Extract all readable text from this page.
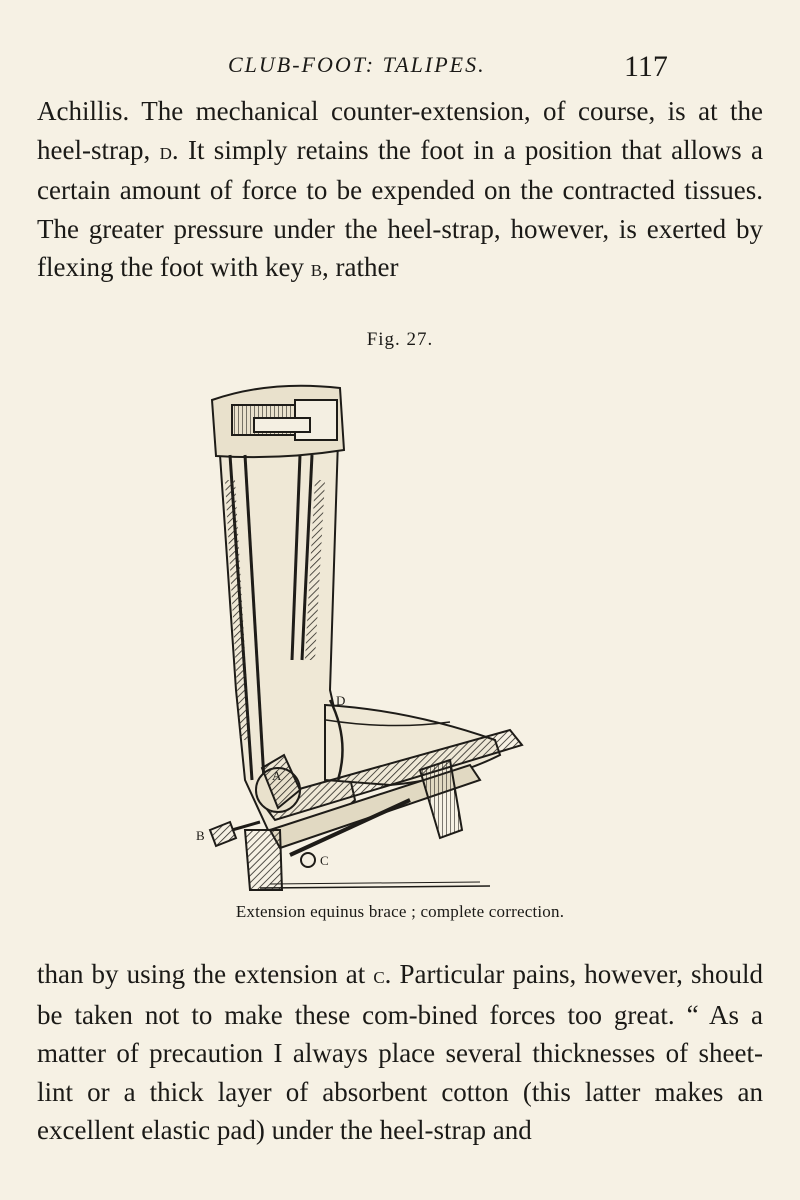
CLUB-FOOT: TALIPES.	117

Achillis. The mechanical counter-extension, of course, is at the heel-strap, d. It simply retains the foot in a position that allows a certain amount of force to be expended on the contracted tissues. The greater pressure under the heel-strap, however, is exerted by flexing the foot with key b, rather

Fig. 27.
B
C
D
A
Extension equinus brace ; complete correction.

than by using the extension at c. Particular pains, however, should be taken not to make these com-bined forces too great. “ As a matter of precaution I always place several thicknesses of sheet-lint or a thick layer of absorbent cotton (this latter makes an excellent elastic pad) under the heel-strap and
